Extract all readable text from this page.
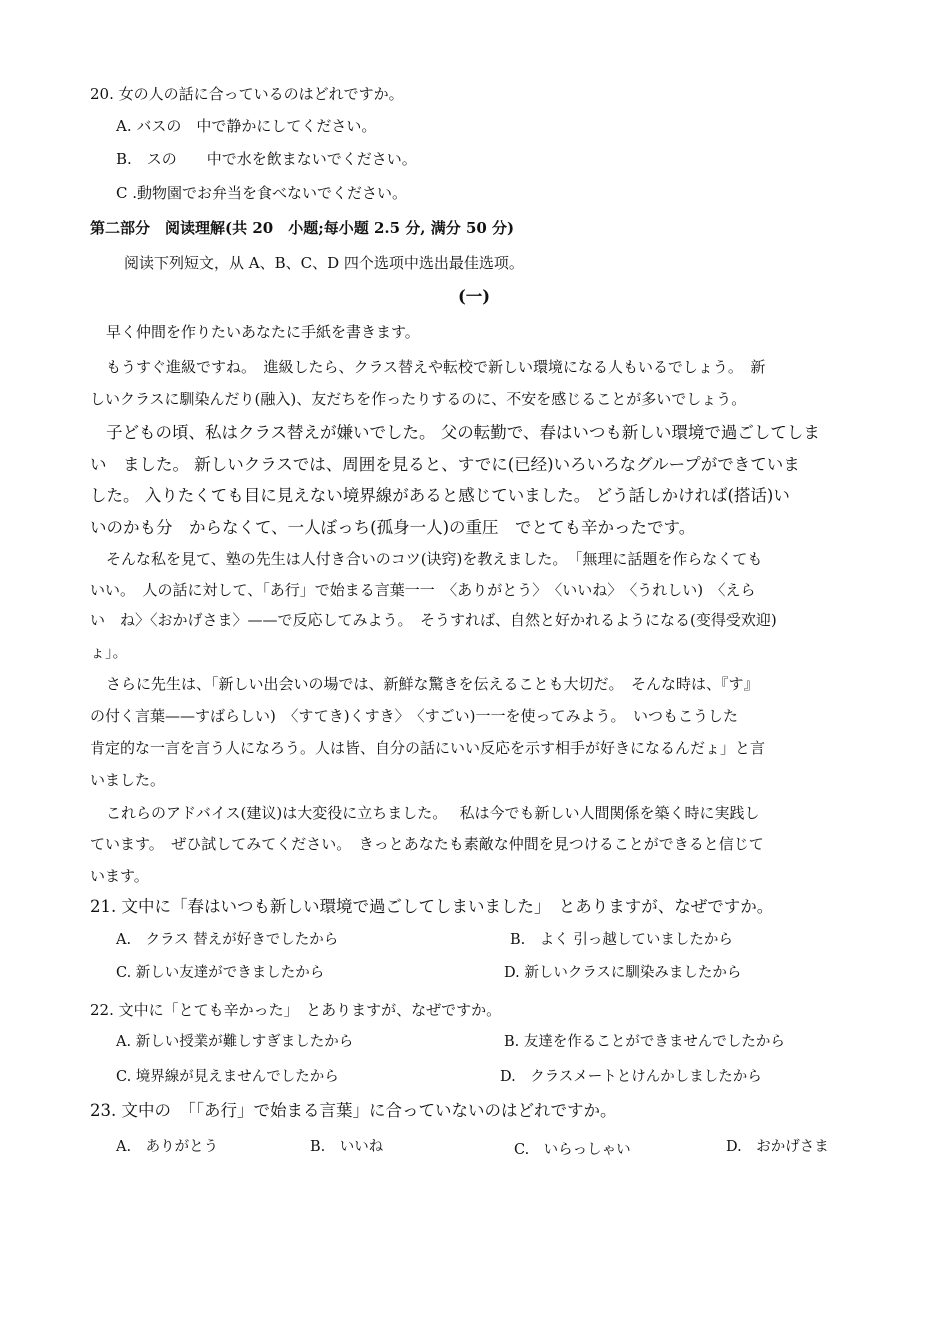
20. 女の人の話に合っているのはどれですか。
A. バスの　中で静かにしてください。
B.　スの　　中で水を飲まないでください。
C .動物園でお弁当を食べないでください。
第二部分　阅读理解(共 20　小题;每小题 2.5 分, 满分 50 分)
阅读下列短文，从 A、B、C、D 四个选项中选出最佳选项。
(一)
早く仲間を作りたいあなたに手紙を書きます。
もうすぐ進級ですね。　進級したら、クラス替えや転校で新しい環境になる人もいるでしょう。　新
しいクラスに馴染んだり(融入)、友だちを作ったりするのに、不安を感じることが多いでしょう。
子どもの頃、私はクラス替えが嫌いでした。 父の転勤で、春はいつも新しい環境で過ごしてしま
い　ました。 新しいクラスでは、周囲を見ると、すでに(已经)いろいろなグループができていま
した。 入りたくても目に見えない境界線があると感じていました。 どう話しかければ(搭话)い
いのかも分　からなくて、一人ぼっち(孤身一人)の重圧　でとても辛かったです。
そんな私を見て、塾の先生は人付き合いのコツ(诀窍)を教えました。　「無理に話題を作らなくても
いい。　人の話に対して、「あ行」で始まる言葉一一　〈ありがとう〉　〈いいね〉　〈うれしい)　〈えら
い　ね〉〈おかげさま〉——で反応してみよう。　そうすれば、自然と好かれるようになる(变得受欢迎)
ょ」。
さらに先生は、「新しい出会いの場では、新鮮な驚きを伝えることも大切だ。　そんな時は、『す』
の付く言葉——すばらしい)　〈すてき)くすき〉　〈すごい)一一を使ってみよう。　いつもこうした
肯定的な一言を言う人になろう。人は皆、自分の話にいい反応を示す相手が好きになるんだょ」と言
いました。
これらのアドバイス(建议)は大変役に立ちました。　 私は今でも新しい人間関係を築く時に実践し
ています。　ぜひ試してみてください。　きっとあなたも素敵な仲間を見つけることができると信じて
います。
21. 文中に「春はいつも新しい環境で過ごしてしまいました」　とありますが、なぜですか。
A.　クラス 替えが好きでしたから	B.　よく 引っ越していましたから
C. 新しい友達ができましたから	D. 新しいクラスに馴染みましたから
22. 文中に「とても辛かった」　とありますが、なぜですか。
A. 新しい授業が難しすぎましたから	B. 友達を作ることができませんでしたから
C. 境界線が見えませんでしたから	D.　クラスメートとけんかしましたから
23. 文中の　「「あ行」で始まる言葉」に合っていないのはどれですか。
A.　ありがとう	B.　いいね	C.　いらっしゃい	D.　おかげさま
